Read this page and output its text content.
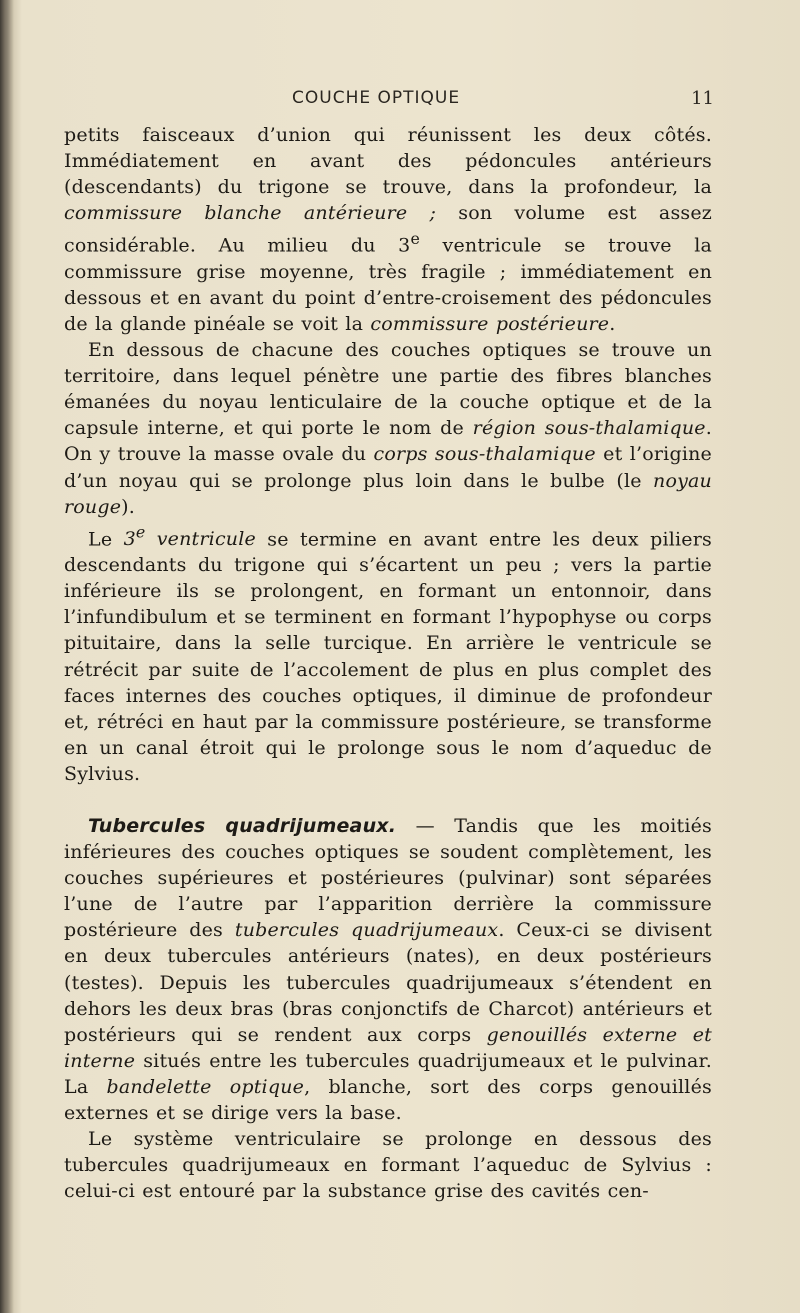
COUCHE OPTIQUE	11

petits faisceaux d’union qui réunissent les deux côtés. Immédiatement en avant des pédoncules antérieurs (descendants) du trigone se trouve, dans la profondeur, la commissure blanche antérieure ; son volume est assez considérable. Au milieu du 3e ventricule se trouve la commissure grise moyenne, très fragile ; immédiatement en dessous et en avant du point d’entre-croisement des pédoncules de la glande pinéale se voit la commissure postérieure.

En dessous de chacune des couches optiques se trouve un territoire, dans lequel pénètre une partie des fibres blanches émanées du noyau lenticulaire de la couche optique et de la capsule interne, et qui porte le nom de région sous-thalamique. On y trouve la masse ovale du corps sous-thalamique et l’origine d’un noyau qui se prolonge plus loin dans le bulbe (le noyau rouge).

Le 3e ventricule se termine en avant entre les deux piliers descendants du trigone qui s’écartent un peu ; vers la partie inférieure ils se prolongent, en formant un entonnoir, dans l’infundibulum et se terminent en formant l’hypophyse ou corps pituitaire, dans la selle turcique. En arrière le ventricule se rétrécit par suite de l’accolement de plus en plus complet des faces internes des couches optiques, il diminue de profondeur et, rétréci en haut par la commissure postérieure, se transforme en un canal étroit qui le prolonge sous le nom d’aqueduc de Sylvius.

Tubercules quadrijumeaux. — Tandis que les moitiés inférieures des couches optiques se soudent complètement, les couches supérieures et postérieures (pulvinar) sont séparées l’une de l’autre par l’apparition derrière la commissure postérieure des tubercules quadrijumeaux. Ceux-ci se divisent en deux tubercules antérieurs (nates), en deux postérieurs (testes). Depuis les tubercules quadrijumeaux s’étendent en dehors les deux bras (bras conjonctifs de Charcot) antérieurs et postérieurs qui se rendent aux corps genouillés externe et interne situés entre les tubercules quadrijumeaux et le pulvinar. La bandelette optique, blanche, sort des corps genouillés externes et se dirige vers la base.

Le système ventriculaire se prolonge en dessous des tubercules quadrijumeaux en formant l’aqueduc de Sylvius : celui-ci est entouré par la substance grise des cavités cen-
